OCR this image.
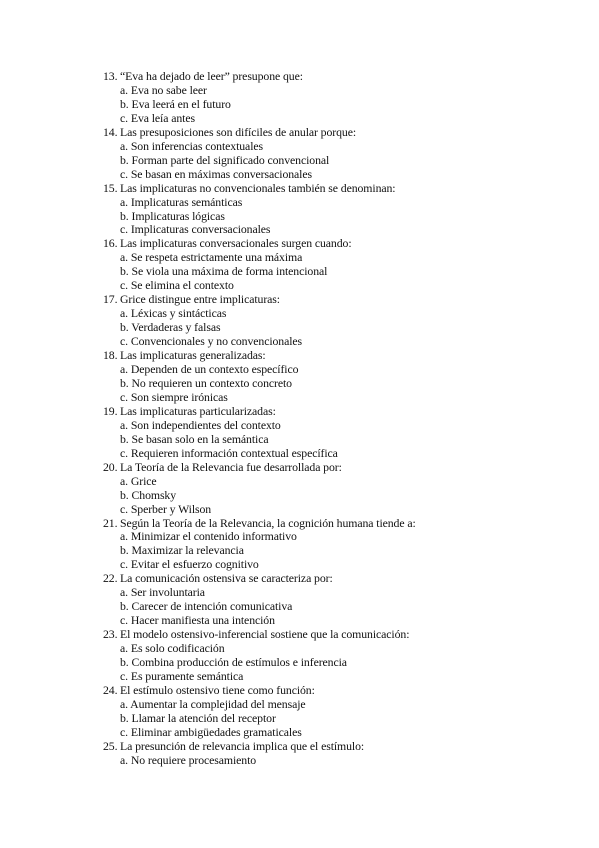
13. “Eva ha dejado de leer” presupone que:
a. Eva no sabe leer
b. Eva leerá en el futuro
c. Eva leía antes
14. Las presuposiciones son difíciles de anular porque:
a. Son inferencias contextuales
b. Forman parte del significado convencional
c. Se basan en máximas conversacionales
15. Las implicaturas no convencionales también se denominan:
a. Implicaturas semánticas
b. Implicaturas lógicas
c. Implicaturas conversacionales
16. Las implicaturas conversacionales surgen cuando:
a. Se respeta estrictamente una máxima
b. Se viola una máxima de forma intencional
c. Se elimina el contexto
17. Grice distingue entre implicaturas:
a. Léxicas y sintácticas
b. Verdaderas y falsas
c. Convencionales y no convencionales
18. Las implicaturas generalizadas:
a. Dependen de un contexto específico
b. No requieren un contexto concreto
c. Son siempre irónicas
19. Las implicaturas particularizadas:
a. Son independientes del contexto
b. Se basan solo en la semántica
c. Requieren información contextual específica
20. La Teoría de la Relevancia fue desarrollada por:
a. Grice
b. Chomsky
c. Sperber y Wilson
21. Según la Teoría de la Relevancia, la cognición humana tiende a:
a. Minimizar el contenido informativo
b. Maximizar la relevancia
c. Evitar el esfuerzo cognitivo
22. La comunicación ostensiva se caracteriza por:
a. Ser involuntaria
b. Carecer de intención comunicativa
c. Hacer manifiesta una intención
23. El modelo ostensivo-inferencial sostiene que la comunicación:
a. Es solo codificación
b. Combina producción de estímulos e inferencia
c. Es puramente semántica
24. El estímulo ostensivo tiene como función:
a. Aumentar la complejidad del mensaje
b. Llamar la atención del receptor
c. Eliminar ambigüedades gramaticales
25. La presunción de relevancia implica que el estímulo:
a. No requiere procesamiento
